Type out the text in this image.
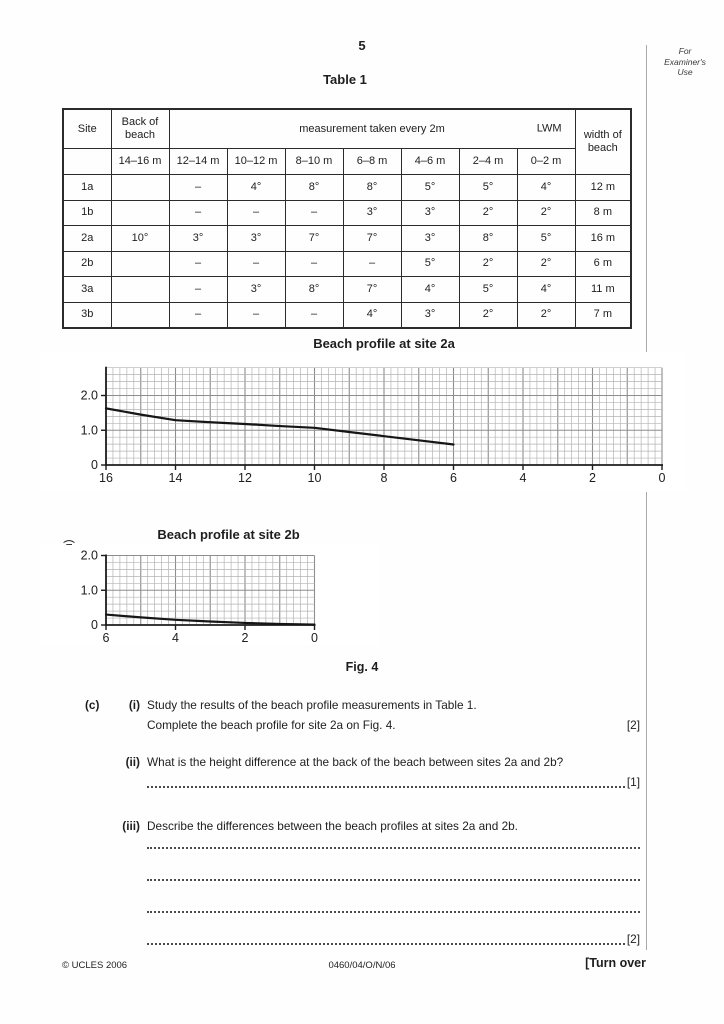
5	For
Examiner's
Use
Table 1
Site	Back of beach	measurement taken every 2m LWM							width of beach
	14–16 m	12–14 m	10–12 m	8–10 m	6–8 m	4–6 m	2–4 m	0–2 m	
1a		–	4°	8°	8°	5°	5°	4°	12 m
1b		–	–	–	3°	3°	2°	2°	8 m
2a	10°	3°	3°	7°	7°	3°	8°	5°	16 m
2b		–	–	–	–	5°	2°	2°	6 m
3a		–	3°	8°	7°	4°	5°	4°	11 m
3b		–	–	–	4°	3°	2°	2°	7 m
Beach profile at site 2a
Height of beach (m)
16	14	12	10	8	6	4	2	0
0
1.0
2.0
Beach profile at site 2b
Height of beach (m) 6	4	2	0
0
1.0
2.0
Fig. 4
(c)	(i) Study the results of the beach profile measurements in Table 1.
Complete the beach profile for site 2a on Fig. 4.	[2]
(ii) What is the height difference at the back of the beach between sites 2a and 2b?
[1]
(iii) Describe the differences between the beach profiles at sites 2a and 2b.
[2]
© UCLES 2006	0460/04/O/N/06	[Turn over
